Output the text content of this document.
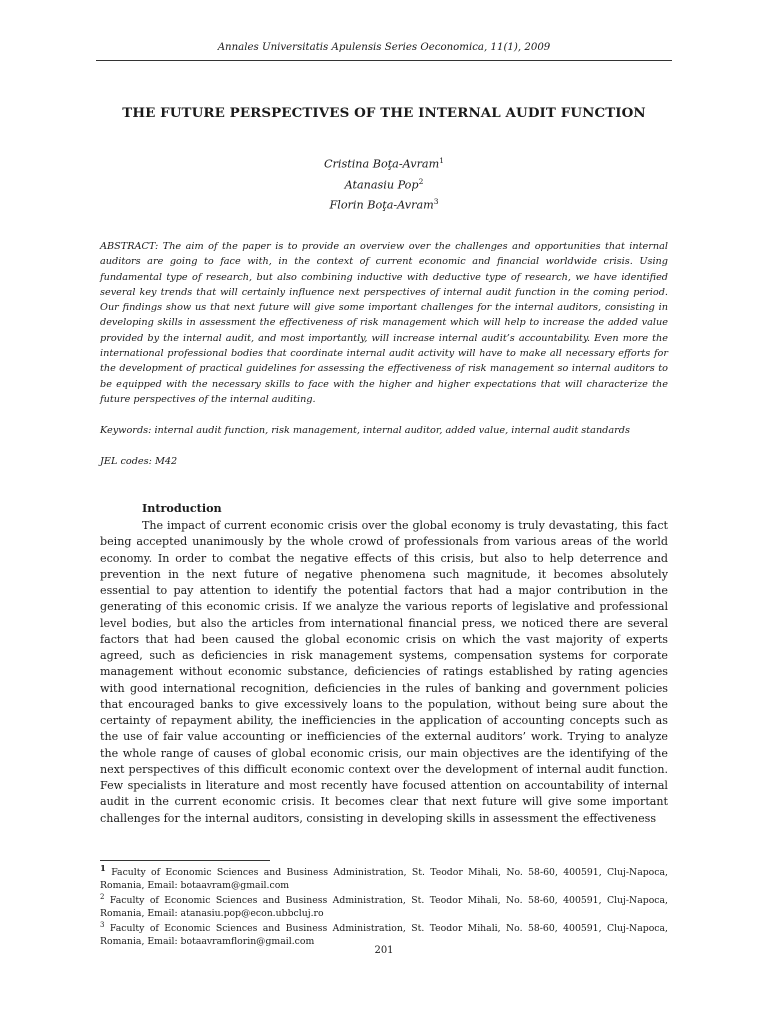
Annales Universitatis Apulensis Series Oeconomica, 11(1), 2009
THE FUTURE PERSPECTIVES OF THE INTERNAL AUDIT FUNCTION
Cristina Boţa-Avram$^1$
Atanasiu Pop$^2$
Florin Boţa-Avram$^3$

ABSTRACT: The aim of the paper is to provide an overview over the challenges and opportunities that internal auditors are going to face with, in the context of current economic and financial worldwide crisis. Using fundamental type of research, but also combining inductive with deductive type of research, we have identified several key trends that will certainly influence next perspectives of internal audit function in the coming period. Our findings show us that next future will give some important challenges for the internal auditors, consisting in developing skills in assessment the effectiveness of risk management which will help to increase the added value provided by the internal audit, and most importantly, will increase internal audit’s accountability. Even more the international professional bodies that coordinate internal audit activity will have to make all necessary efforts for the development of practical guidelines for assessing the effectiveness of risk management so internal auditors to be equipped with the necessary skills to face with the higher and higher expectations that will characterize the future perspectives of the internal auditing.

Keywords: internal audit function, risk management, internal auditor, added value, internal audit standards

JEL codes: M42

Introduction

The impact of current economic crisis over the global economy is truly devastating, this fact being accepted unanimously by the whole crowd of professionals from various areas of the world economy. In order to combat the negative effects of this crisis, but also to help deterrence and prevention in the next future of negative phenomena such magnitude, it becomes absolutely essential to pay attention to identify the potential factors that had a major contribution in the generating of this economic crisis. If we analyze the various reports of legislative and professional level bodies, but also the articles from international financial press, we noticed there are several factors that had been caused the global economic crisis on which the vast majority of experts agreed, such as deficiencies in risk management systems, compensation systems for corporate management without economic substance, deficiencies of ratings established by rating agencies with good international recognition, deficiencies in the rules of banking and government policies that encouraged banks to give excessively loans to the population, without being sure about the certainty of repayment ability, the inefficiencies in the application of accounting concepts such as the use of fair value accounting or inefficiencies of the external auditors’ work. Trying to analyze the whole range of causes of global economic crisis, our main objectives are the identifying of the next perspectives of this difficult economic context over the development of internal audit function. Few specialists in literature and most recently have focused attention on accountability of internal audit in the current economic crisis. It becomes clear that next future will give some important challenges for the internal auditors, consisting in developing skills in assessment the effectiveness

1 Faculty of Economic Sciences and Business Administration, St. Teodor Mihali, No. 58-60, 400591, Cluj-Napoca, Romania, Email: botaavram@gmail.com

$^2$ Faculty of Economic Sciences and Business Administration, St. Teodor Mihali, No. 58-60, 400591, Cluj-Napoca, Romania, Email: atanasiu.pop@econ.ubbcluj.ro

$^3$ Faculty of Economic Sciences and Business Administration, St. Teodor Mihali, No. 58-60, 400591, Cluj-Napoca, Romania, Email: botaavramflorin@gmail.com

201
